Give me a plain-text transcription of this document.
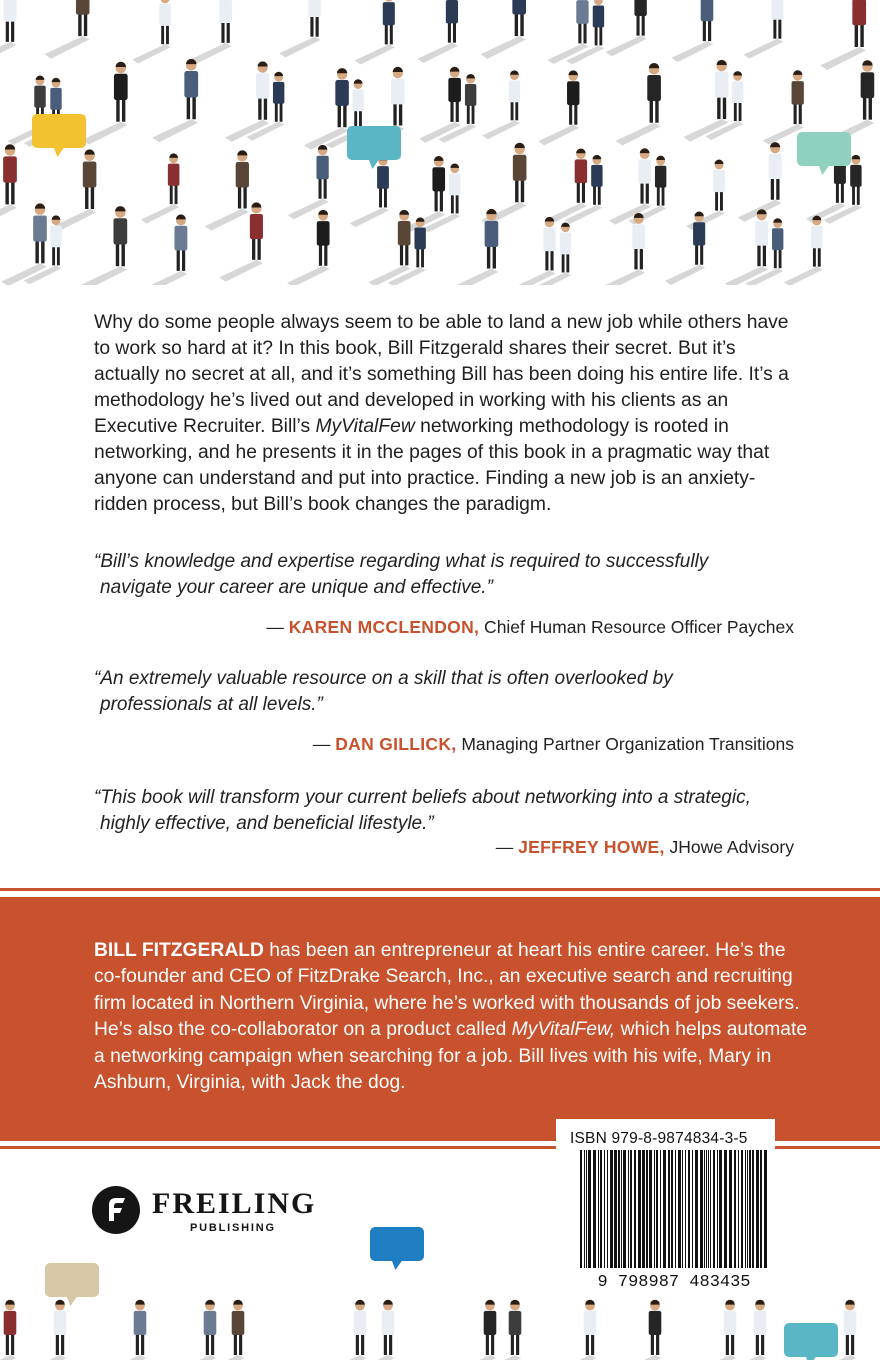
Why do some people always seem to be able to land a new job while others have to work so hard at it? In this book, Bill Fitzgerald shares their secret. But it’s actually no secret at all, and it’s something Bill has been doing his entire life. It’s a methodology he’s lived out and developed in working with his clients as an Executive Recruiter. Bill’s MyVitalFew networking methodology is rooted in networking, and he presents it in the pages of this book in a pragmatic way that anyone can understand and put into practice. Finding a new job is an anxiety-ridden process, but Bill’s book changes the paradigm.

“Bill’s knowledge and expertise regarding what is required to successfully
navigate your career are unique and effective.”

— KAREN MCCLENDON, Chief Human Resource Officer Paychex

“An extremely valuable resource on a skill that is often overlooked by
professionals at all levels.”

— DAN GILLICK, Managing Partner Organization Transitions

“This book will transform your current beliefs about networking into a strategic,
highly effective, and beneficial lifestyle.”

— JEFFREY HOWE, JHowe Advisory

BILL FITZGERALD has been an entrepreneur at heart his entire career. He’s the co-founder and CEO of FitzDrake Search, Inc., an executive search and recruiting firm located in Northern Virginia, where he’s worked with thousands of job seekers. He’s also the co-collaborator on a product called MyVitalFew, which helps automate a networking campaign when searching for a job. Bill lives with his wife, Mary in Ashburn, Virginia, with Jack the dog.

FREILING
PUBLISHING
ISBN 979-8-9874834-3-5
9 798987 483435
